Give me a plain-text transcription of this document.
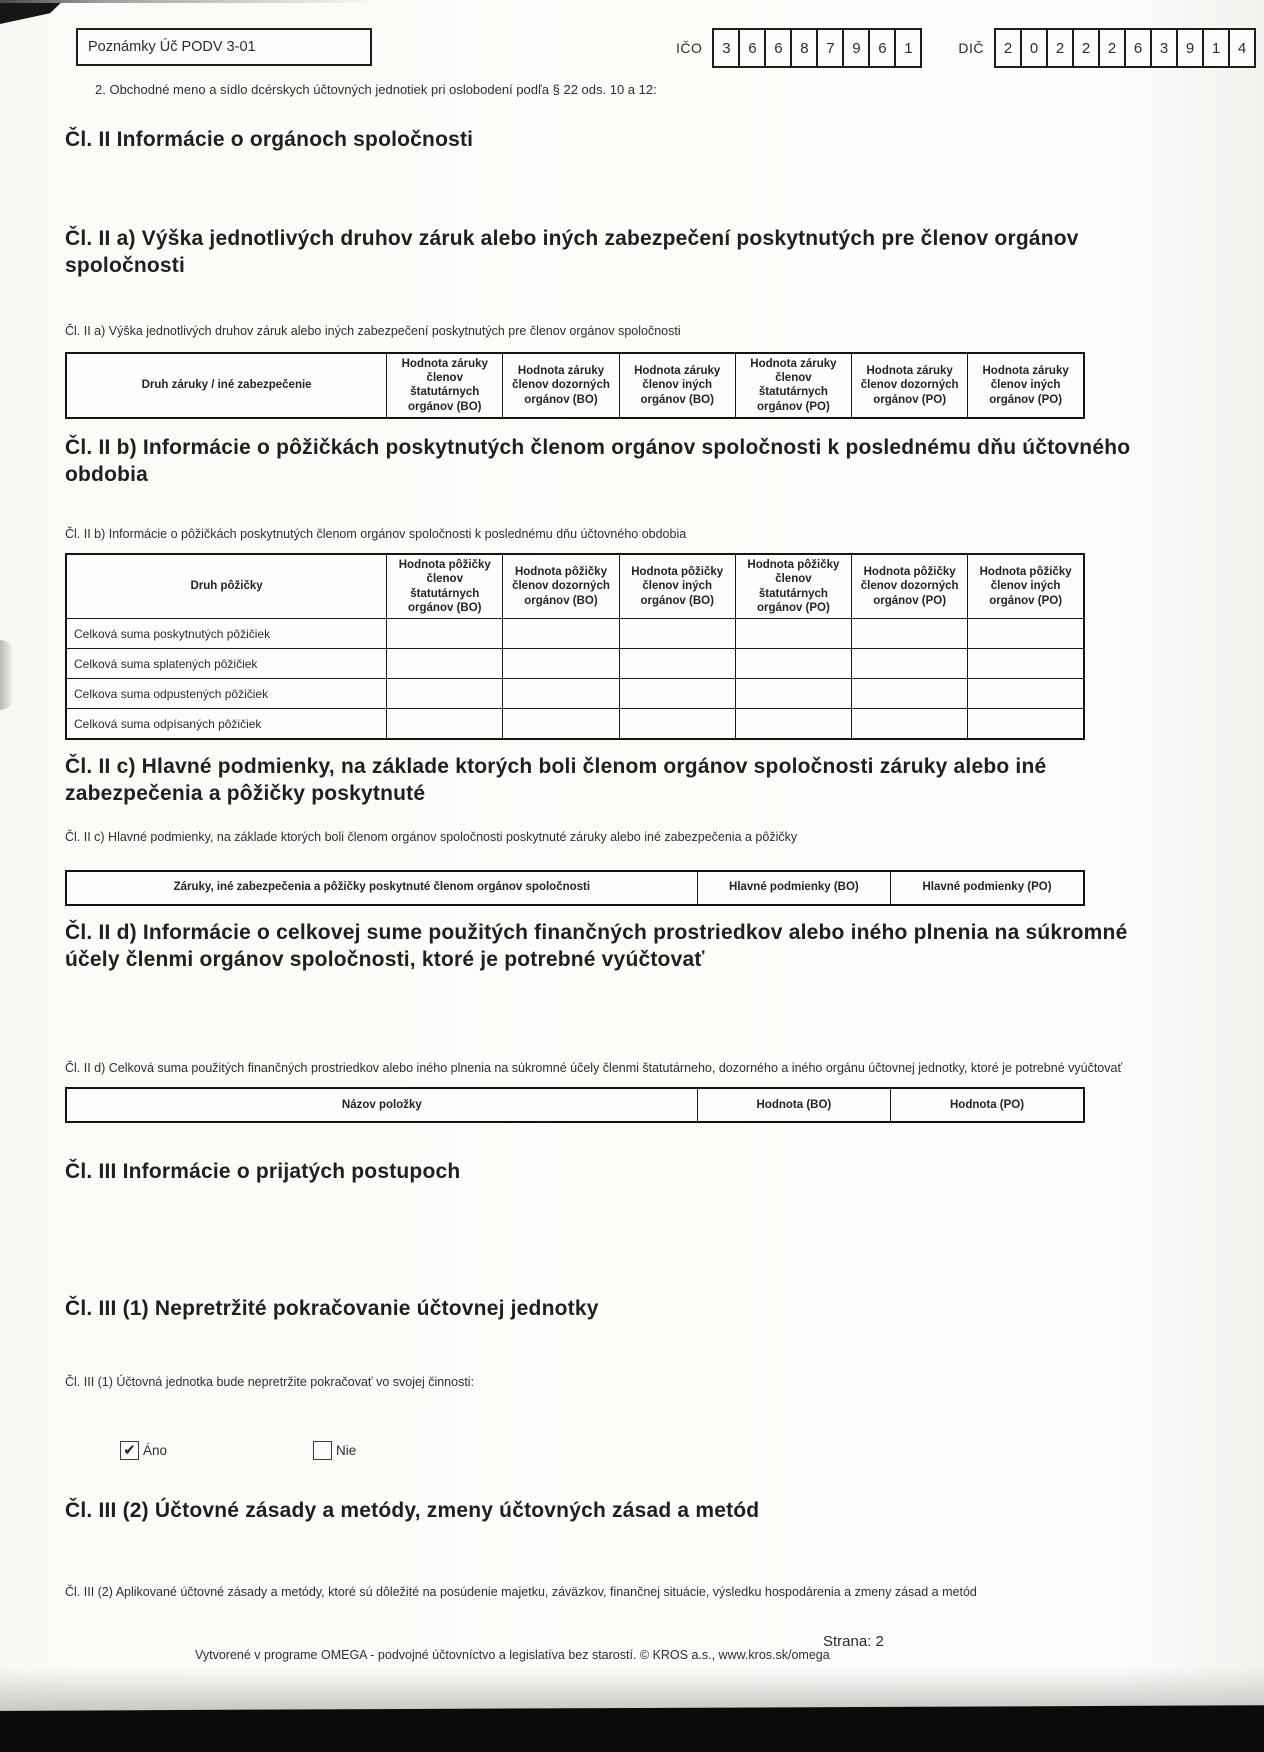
Poznámky Úč PODV 3-01	IČO	3	6	6	8	7	9	6	1	DIČ	2	0	2	2	2	6	3	9	1	4
2. Obchodné meno a sídlo dcérskych účtovných jednotiek pri oslobodení podľa § 22 ods. 10 a 12:
Čl. II Informácie o orgánoch spoločnosti
Čl. II a) Výška jednotlivých druhov záruk alebo iných zabezpečení poskytnutých pre členov orgánov spoločnosti
Čl. II a) Výška jednotlivých druhov záruk alebo iných zabezpečení poskytnutých pre členov orgánov spoločnosti
Druh záruky / iné zabezpečenie	Hodnota záruky členov štatutárnych orgánov (BO)	Hodnota záruky členov dozorných orgánov (BO)	Hodnota záruky členov iných orgánov (BO)	Hodnota záruky členov štatutárnych orgánov (PO)	Hodnota záruky členov dozorných orgánov (PO)	Hodnota záruky členov iných orgánov (PO)
Čl. II b) Informácie o pôžičkách poskytnutých členom orgánov spoločnosti k poslednému dňu účtovného obdobia
Čl. II b) Informácie o pôžičkách poskytnutých členom orgánov spoločnosti k poslednému dňu účtovného obdobia
Druh pôžičky	Hodnota pôžičky členov štatutárnych orgánov (BO)	Hodnota pôžičky členov dozorných orgánov (BO)	Hodnota pôžičky členov iných orgánov (BO)	Hodnota pôžičky členov štatutárnych orgánov (PO)	Hodnota pôžičky členov dozorných orgánov (PO)	Hodnota pôžičky členov iných orgánov (PO)
Celková suma poskytnutých pôžičiek						
Celková suma splatených pôžičiek						
Celkova suma odpustených pôžičiek						
Celková suma odpísaných pôžičiek						
Čl. II c) Hlavné podmienky, na základe ktorých boli členom orgánov spoločnosti záruky alebo iné zabezpečenia a pôžičky poskytnuté
Čl. II c) Hlavné podmienky, na základe ktorých boli členom orgánov spoločnosti poskytnuté záruky alebo iné zabezpečenia a pôžičky
Záruky, iné zabezpečenia a pôžičky poskytnuté členom orgánov spoločnosti	Hlavné podmienky (BO)	Hlavné podmienky (PO)
Čl. II d) Informácie o celkovej sume použitých finančných prostriedkov alebo iného plnenia na súkromné účely členmi orgánov spoločnosti, ktoré je potrebné vyúčtovať
Čl. II d) Celková suma použitých finančných prostriedkov alebo iného plnenia na súkromné účely členmi štatutárneho, dozorného a iného orgánu účtovnej jednotky, ktoré je potrebné vyúčtovať
Názov položky	Hodnota (BO)	Hodnota (PO)
Čl. III Informácie o prijatých postupoch
Čl. III (1) Nepretržité pokračovanie účtovnej jednotky
Čl. III (1) Účtovná jednotka bude nepretržite pokračovať vo svojej činnosti:
✔ Áno	Nie
Čl. III (2) Účtovné zásady a metódy, zmeny účtovných zásad a metód
Čl. III (2) Aplikované účtovné zásady a metódy, ktoré sú dôležité na posúdenie majetku, záväzkov, finančnej situácie, výsledku hospodárenia a zmeny zásad a metód
Vytvorené v programe OMEGA - podvojné účtovníctvo a legislatíva bez starostí. © KROS a.s., www.kros.sk/omega
Strana: 2
